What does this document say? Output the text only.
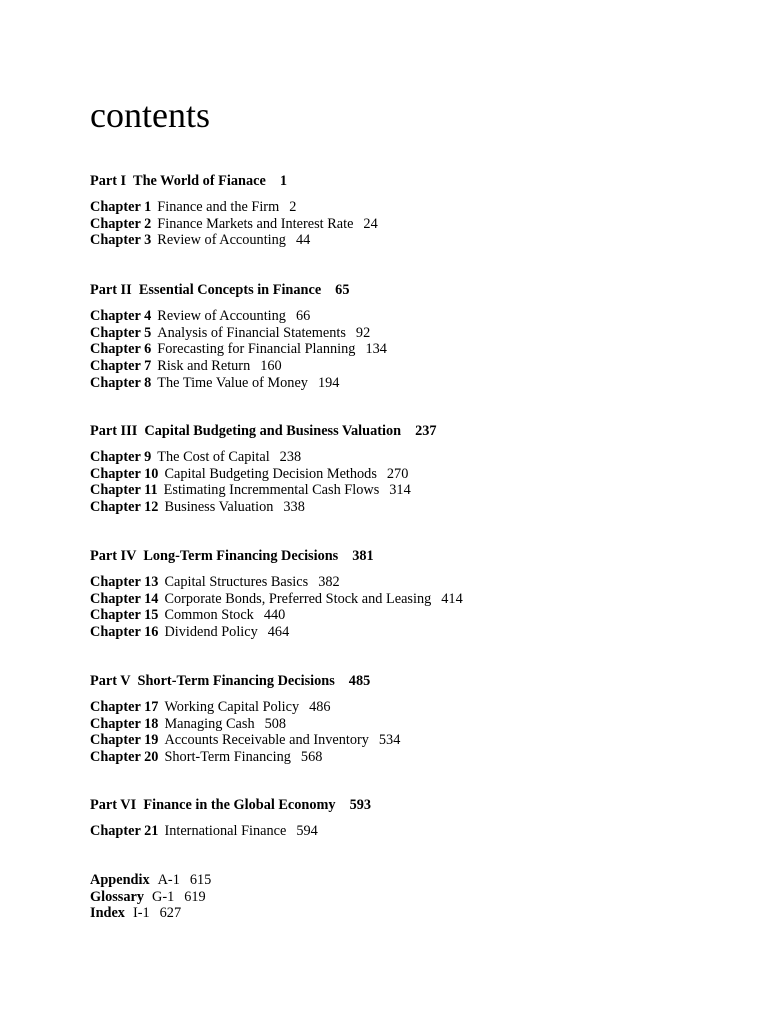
contents
Part I The World of Fianace 1
Chapter 1 Finance and the Firm 2
Chapter 2 Finance Markets and Interest Rate 24
Chapter 3 Review of Accounting 44
Part II Essential Concepts in Finance 65
Chapter 4 Review of Accounting 66
Chapter 5 Analysis of Financial Statements 92
Chapter 6 Forecasting for Financial Planning 134
Chapter 7 Risk and Return 160
Chapter 8 The Time Value of Money 194
Part III Capital Budgeting and Business Valuation 237
Chapter 9 The Cost of Capital 238
Chapter 10 Capital Budgeting Decision Methods 270
Chapter 11 Estimating Incremmental Cash Flows 314
Chapter 12 Business Valuation 338
Part IV Long-Term Financing Decisions 381
Chapter 13 Capital Structures Basics 382
Chapter 14 Corporate Bonds, Preferred Stock and Leasing 414
Chapter 15 Common Stock 440
Chapter 16 Dividend Policy 464
Part V Short-Term Financing Decisions 485
Chapter 17 Working Capital Policy 486
Chapter 18 Managing Cash 508
Chapter 19 Accounts Receivable and Inventory 534
Chapter 20 Short-Term Financing 568
Part VI Finance in the Global Economy 593
Chapter 21 International Finance 594
Appendix A-1 615
Glossary G-1 619
Index I-1 627
